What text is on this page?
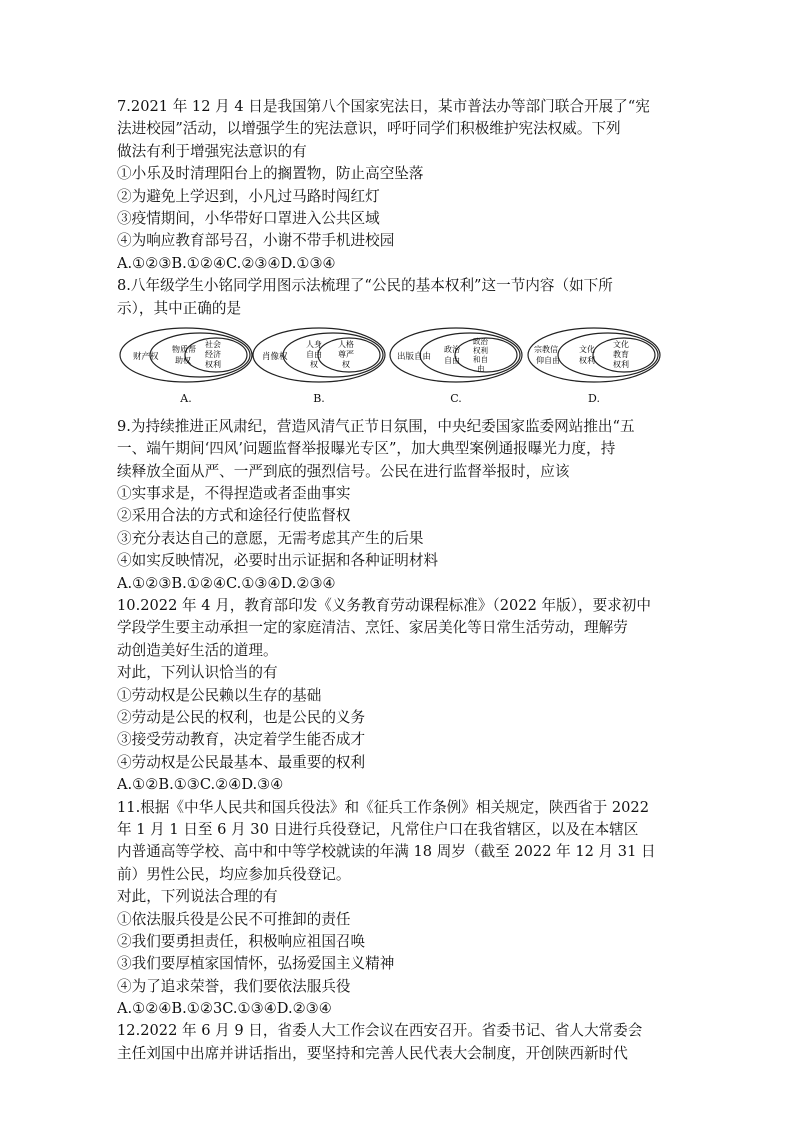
7.2021 年 12 月 4 日是我国第八个国家宪法日，某市普法办等部门联合开展了“宪
法进校园”活动，以增强学生的宪法意识，呼吁同学们积极维护宪法权威。下列
做法有利于增强宪法意识的有
①小乐及时清理阳台上的搁置物，防止高空坠落
②为避免上学迟到，小凡过马路时闯红灯
③疫情期间，小华带好口罩进入公共区域
④为响应教育部号召，小谢不带手机进校园
A.①②③B.①②④C.②③④D.①③④
8.八年级学生小铭同学用图示法梳理了“公民的基本权利”这一节内容（如下所
示），其中正确的是
财产权
物质帮
助权
社会
经济
权利
A.
肖像权
人身
自由
权
人格
尊严
权
B.
出版自由
政治
自由
政治
权利
和自
由
C.
宗教信
仰自由
文化
权利
文化
教育
权利
D.
9.为持续推进正风肃纪，营造风清气正节日氛围，中央纪委国家监委网站推出“五
一、端午期间‘四风’问题监督举报曝光专区”，加大典型案例通报曝光力度，持
续释放全面从严、一严到底的强烈信号。公民在进行监督举报时，应该
①实事求是，不得捏造或者歪曲事实
②采用合法的方式和途径行使监督权
③充分表达自己的意愿，无需考虑其产生的后果
④如实反映情况，必要时出示证据和各种证明材料
A.①②③B.①②④C.①③④D.②③④
10.2022 年 4 月，教育部印发《义务教育劳动课程标准》（2022 年版），要求初中
学段学生要主动承担一定的家庭清洁、烹饪、家居美化等日常生活劳动，理解劳
动创造美好生活的道理。
对此，下列认识恰当的有
①劳动权是公民赖以生存的基础
②劳动是公民的权利，也是公民的义务
③接受劳动教育，决定着学生能否成才
④劳动权是公民最基本、最重要的权利
A.①②B.①③C.②④D.③④
11.根据《中华人民共和国兵役法》和《征兵工作条例》相关规定，陕西省于 2022
年 1 月 1 日至 6 月 30 日进行兵役登记，凡常住户口在我省辖区，以及在本辖区
内普通高等学校、高中和中等学校就读的年满 18 周岁（截至 2022 年 12 月 31 日
前）男性公民，均应参加兵役登记。
对此，下列说法合理的有
①依法服兵役是公民不可推卸的责任
②我们要勇担责任，积极响应祖国召唤
③我们要厚植家国情怀，弘扬爱国主义精神
④为了追求荣誉，我们要依法服兵役
A.①②④B.①②3C.①③④D.②③④
12.2022 年 6 月 9 日，省委人大工作会议在西安召开。省委书记、省人大常委会
主任刘国中出席并讲话指出，要坚持和完善人民代表大会制度，开创陕西新时代
